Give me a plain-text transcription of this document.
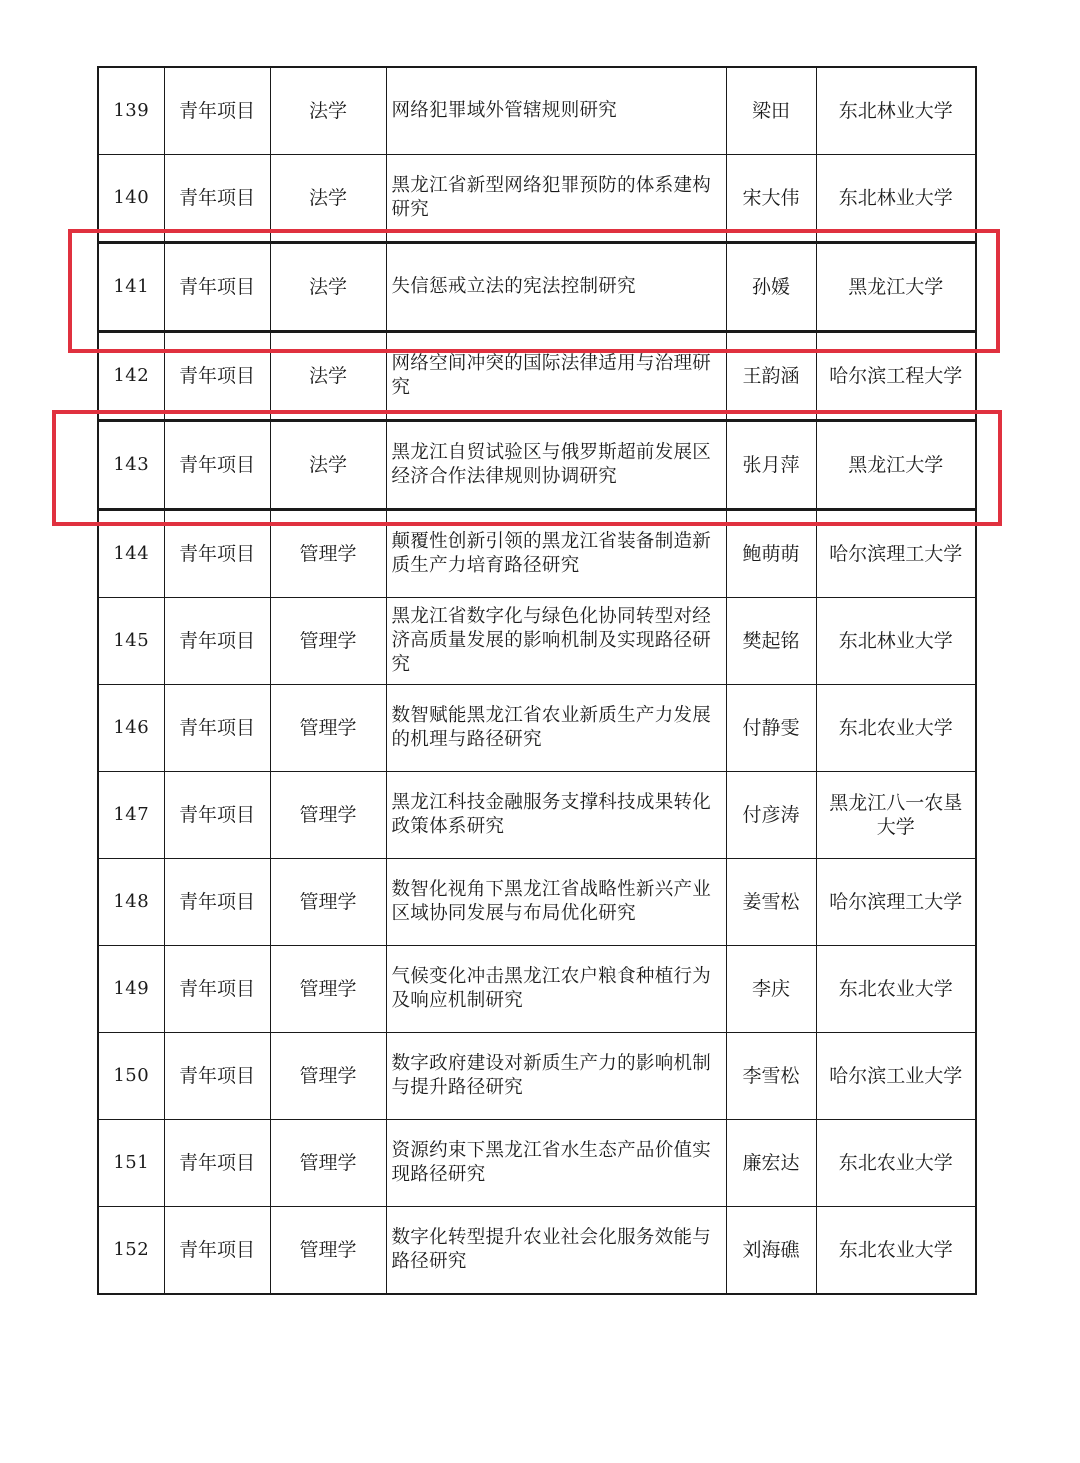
139	青年项目	法学	网络犯罪域外管辖规则研究	梁田	东北林业大学
140	青年项目	法学	黑龙江省新型网络犯罪预防的体系建构研究	宋大伟	东北林业大学
141	青年项目	法学	失信惩戒立法的宪法控制研究	孙媛	黑龙江大学
142	青年项目	法学	网络空间冲突的国际法律适用与治理研究	王韵涵	哈尔滨工程大学
143	青年项目	法学	黑龙江自贸试验区与俄罗斯超前发展区经济合作法律规则协调研究	张月萍	黑龙江大学
144	青年项目	管理学	颠覆性创新引领的黑龙江省装备制造新质生产力培育路径研究	鲍萌萌	哈尔滨理工大学
145	青年项目	管理学	黑龙江省数字化与绿色化协同转型对经济高质量发展的影响机制及实现路径研究	樊起铭	东北林业大学
146	青年项目	管理学	数智赋能黑龙江省农业新质生产力发展的机理与路径研究	付静雯	东北农业大学
147	青年项目	管理学	黑龙江科技金融服务支撑科技成果转化政策体系研究	付彦涛	黑龙江八一农垦大学
148	青年项目	管理学	数智化视角下黑龙江省战略性新兴产业区域协同发展与布局优化研究	姜雪松	哈尔滨理工大学
149	青年项目	管理学	气候变化冲击黑龙江农户粮食种植行为及响应机制研究	李庆	东北农业大学
150	青年项目	管理学	数字政府建设对新质生产力的影响机制与提升路径研究	李雪松	哈尔滨工业大学
151	青年项目	管理学	资源约束下黑龙江省水生态产品价值实现路径研究	廉宏达	东北农业大学
152	青年项目	管理学	数字化转型提升农业社会化服务效能与路径研究	刘海礁	东北农业大学
